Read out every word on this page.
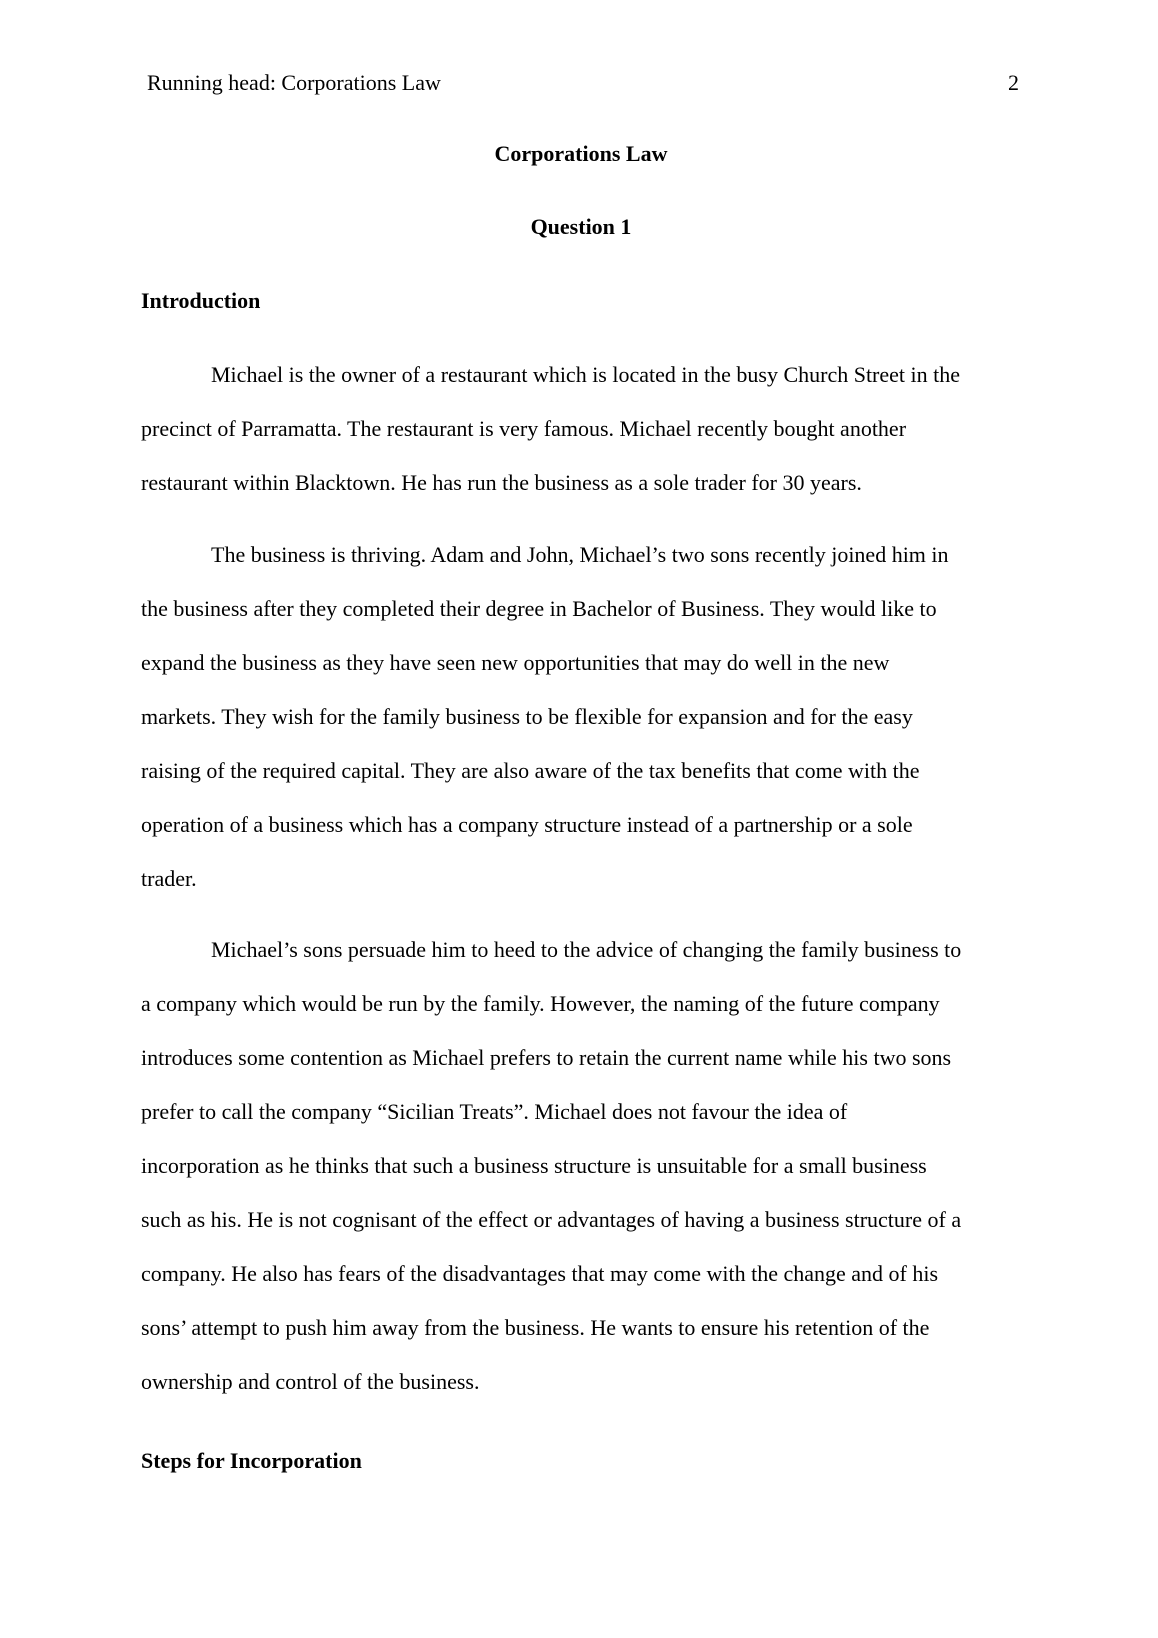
Running head: Corporations Law	2
Corporations Law
Question 1
Introduction

Michael is the owner of a restaurant which is located in the busy Church Street in the
precinct of Parramatta. The restaurant is very famous. Michael recently bought another
restaurant within Blacktown. He has run the business as a sole trader for 30 years.

The business is thriving. Adam and John, Michael’s two sons recently joined him in
the business after they completed their degree in Bachelor of Business. They would like to
expand the business as they have seen new opportunities that may do well in the new
markets. They wish for the family business to be flexible for expansion and for the easy
raising of the required capital. They are also aware of the tax benefits that come with the
operation of a business which has a company structure instead of a partnership or a sole
trader.

Michael’s sons persuade him to heed to the advice of changing the family business to
a company which would be run by the family. However, the naming of the future company
introduces some contention as Michael prefers to retain the current name while his two sons
prefer to call the company “Sicilian Treats”. Michael does not favour the idea of
incorporation as he thinks that such a business structure is unsuitable for a small business
such as his. He is not cognisant of the effect or advantages of having a business structure of a
company. He also has fears of the disadvantages that may come with the change and of his
sons’ attempt to push him away from the business. He wants to ensure his retention of the
ownership and control of the business.

Steps for Incorporation
